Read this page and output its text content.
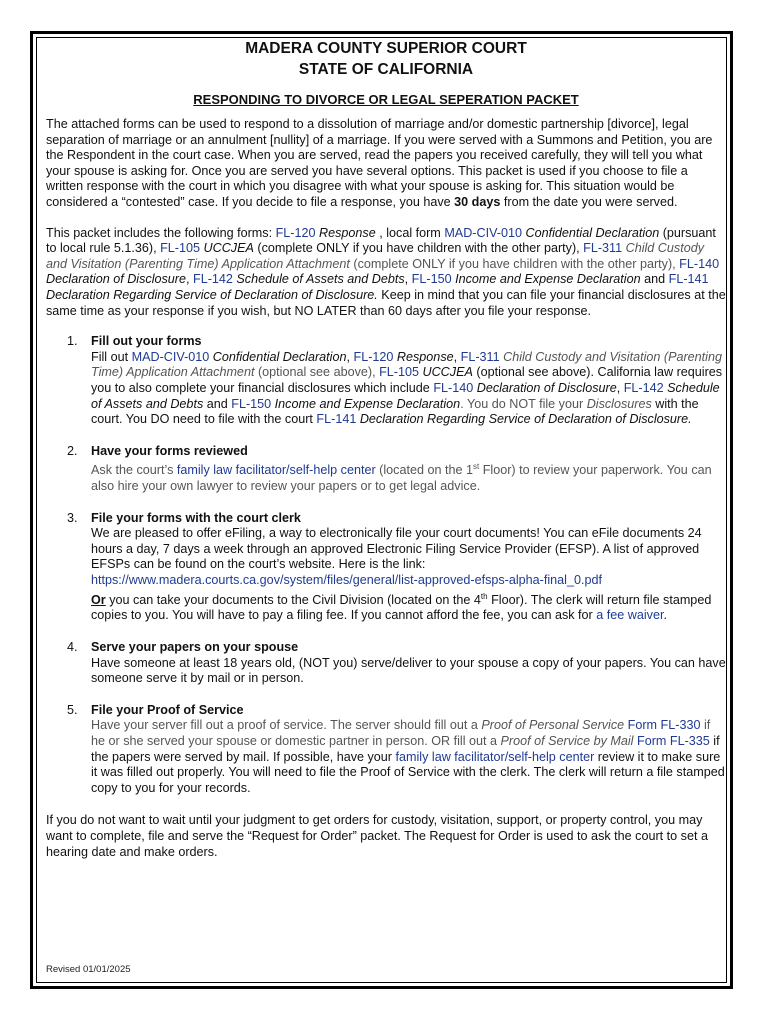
MADERA COUNTY SUPERIOR COURT
STATE OF CALIFORNIA
RESPONDING TO DIVORCE OR LEGAL SEPERATION PACKET

The attached forms can be used to respond to a dissolution of marriage and/or domestic partnership [divorce], legal separation of marriage or an annulment [nullity] of a marriage. If you were served with a Summons and Petition, you are the Respondent in the court case. When you are served, read the papers you received carefully, they will tell you what your spouse is asking for. Once you are served you have several options. This packet is used if you choose to file a written response with the court in which you disagree with what your spouse is asking for. This situation would be considered a “contested” case. If you decide to file a response, you have 30 days from the date you were served.

This packet includes the following forms: FL-120 Response , local form MAD-CIV-010 Confidential Declaration (pursuant to local rule 5.1.36), FL-105 UCCJEA (complete ONLY if you have children with the other party), FL-311 Child Custody and Visitation (Parenting Time) Application Attachment (complete ONLY if you have children with the other party), FL-140 Declaration of Disclosure, FL-142 Schedule of Assets and Debts, FL-150 Income and Expense Declaration and FL-141 Declaration Regarding Service of Declaration of Disclosure. Keep in mind that you can file your financial disclosures at the same time as your response if you wish, but NO LATER than 60 days after you file your response.

1. Fill out your forms
Fill out MAD-CIV-010 Confidential Declaration, FL-120 Response, FL-311 Child Custody and Visitation (Parenting Time) Application Attachment (optional see above), FL-105 UCCJEA (optional see above). California law requires you to also complete your financial disclosures which include FL-140 Declaration of Disclosure, FL-142 Schedule of Assets and Debts and FL-150 Income and Expense Declaration. You do NOT file your Disclosures with the court. You DO need to file with the court FL-141 Declaration Regarding Service of Declaration of Disclosure.
2. Have your forms reviewed
Ask the court’s family law facilitator/self-help center (located on the 1st Floor) to review your paperwork. You can also hire your own lawyer to review your papers or to get legal advice.
3. File your forms with the court clerk
We are pleased to offer eFiling, a way to electronically file your court documents! You can eFile documents 24 hours a day, 7 days a week through an approved Electronic Filing Service Provider (EFSP). A list of approved EFSPs can be found on the court’s website. Here is the link: https://www.madera.courts.ca.gov/system/files/general/list-approved-efsps-alpha-final_0.pdf
Or you can take your documents to the Civil Division (located on the 4th Floor). The clerk will return file stamped copies to you. You will have to pay a filing fee. If you cannot afford the fee, you can ask for a fee waiver.
4. Serve your papers on your spouse
Have someone at least 18 years old, (NOT you) serve/deliver to your spouse a copy of your papers. You can have someone serve it by mail or in person.
5. File your Proof of Service
Have your server fill out a proof of service. The server should fill out a Proof of Personal Service Form FL-330 if he or she served your spouse or domestic partner in person. OR fill out a Proof of Service by Mail Form FL-335 if the papers were served by mail. If possible, have your family law facilitator/self-help center review it to make sure it was filled out properly. You will need to file the Proof of Service with the clerk. The clerk will return a file stamped copy to you for your records.

If you do not want to wait until your judgment to get orders for custody, visitation, support, or property control, you may want to complete, file and serve the “Request for Order” packet. The Request for Order is used to ask the court to set a hearing date and make orders.

Revised 01/01/2025
